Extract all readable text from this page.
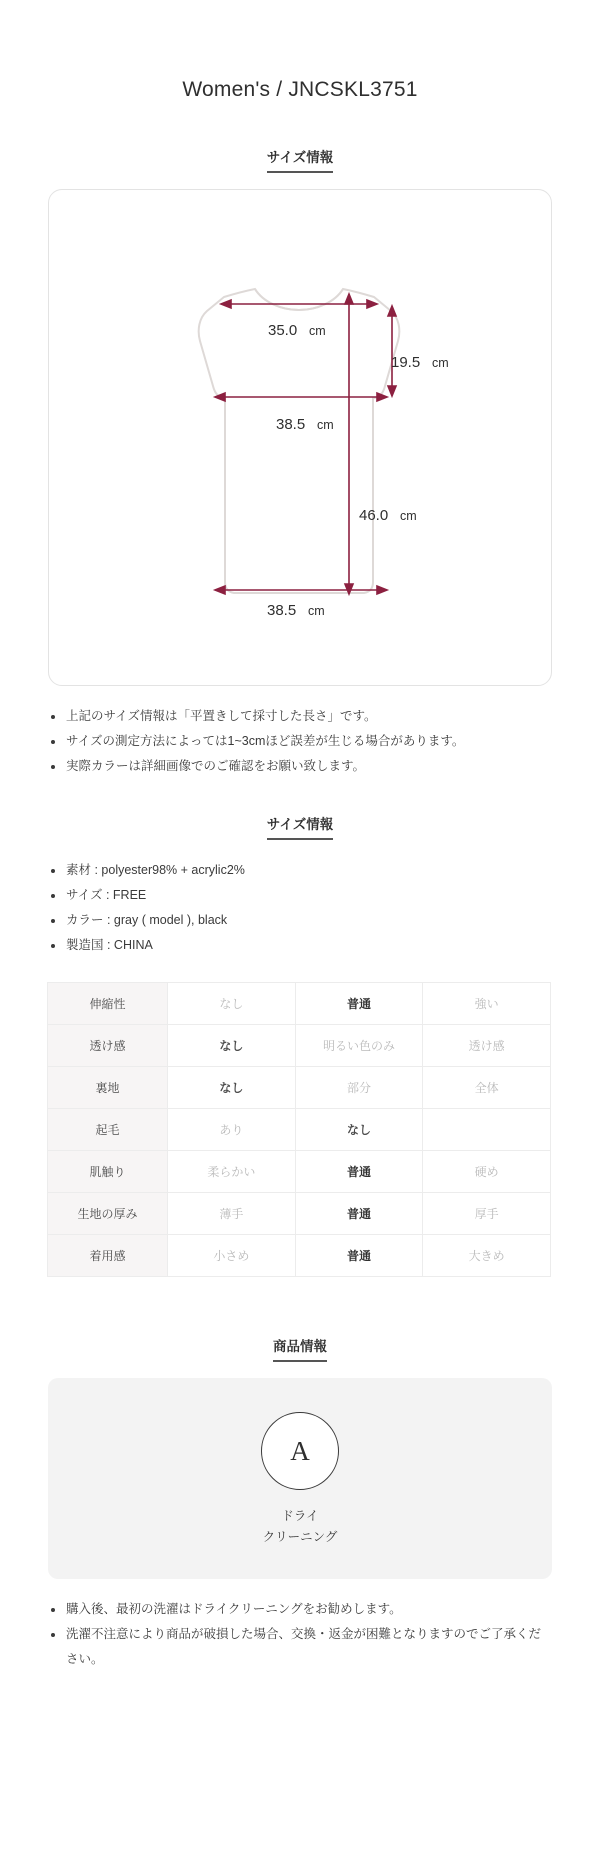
Women's / JNCSKL3751
サイズ情報
35.0 cm
19.5 cm
38.5 cm
46.0 cm
38.5 cm
上記のサイズ情報は「平置きして採寸した長さ」です。
サイズの測定方法によっては1~3cmほど誤差が生じる場合があります。
実際カラーは詳細画像でのご確認をお願い致します。
サイズ情報
素材 : polyester98% + acrylic2%
サイズ : FREE
カラー : gray ( model ), black
製造国 : CHINA
伸縮性	なし	普通	強い
透け感	なし	明るい色のみ	透け感
裏地	なし	部分	全体
起毛	あり	なし	
肌触り	柔らかい	普通	硬め
生地の厚み	薄手	普通	厚手
着用感	小さめ	普通	大きめ
商品情報
A
ドライ
クリーニング
購入後、最初の洗濯はドライクリーニングをお勧めします。
洗濯不注意により商品が破損した場合、交換・返金が困難となりますのでご了承ください。
